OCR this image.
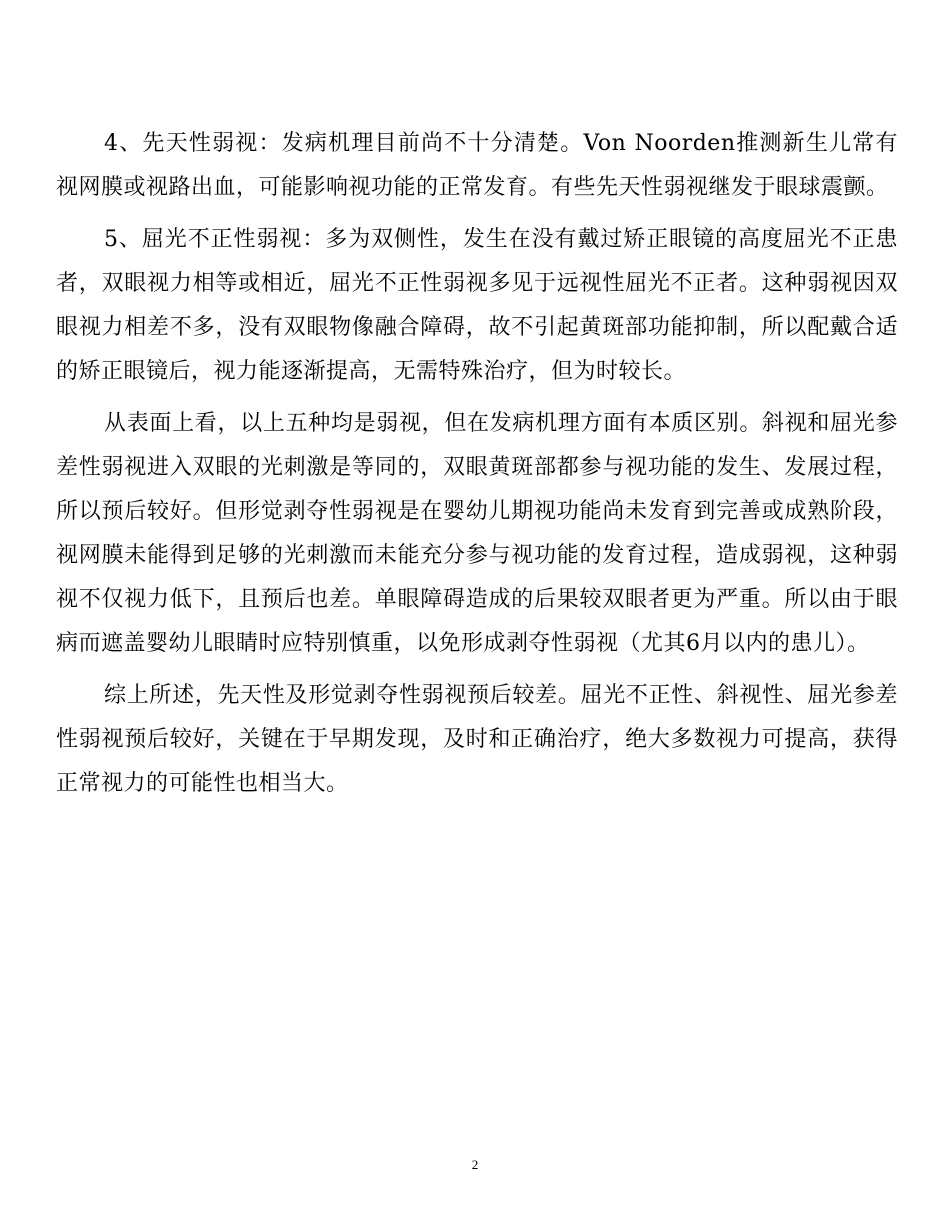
4、先天性弱视：发病机理目前尚不十分清楚。Von Noorden推测新生儿常有视网膜或视路出血，可能影响视功能的正常发育。有些先天性弱视继发于眼球震颤。

5、屈光不正性弱视：多为双侧性，发生在没有戴过矫正眼镜的高度屈光不正患者，双眼视力相等或相近，屈光不正性弱视多见于远视性屈光不正者。这种弱视因双眼视力相差不多，没有双眼物像融合障碍，故不引起黄斑部功能抑制，所以配戴合适的矫正眼镜后，视力能逐渐提高，无需特殊治疗，但为时较长。

从表面上看，以上五种均是弱视，但在发病机理方面有本质区别。斜视和屈光参差性弱视进入双眼的光刺激是等同的，双眼黄斑部都参与视功能的发生、发展过程，所以预后较好。但形觉剥夺性弱视是在婴幼儿期视功能尚未发育到完善或成熟阶段，视网膜未能得到足够的光刺激而未能充分参与视功能的发育过程，造成弱视，这种弱视不仅视力低下，且预后也差。单眼障碍造成的后果较双眼者更为严重。所以由于眼病而遮盖婴幼儿眼睛时应特别慎重，以免形成剥夺性弱视（尤其6月以内的患儿）。

综上所述，先天性及形觉剥夺性弱视预后较差。屈光不正性、斜视性、屈光参差性弱视预后较好，关键在于早期发现，及时和正确治疗，绝大多数视力可提高，获得正常视力的可能性也相当大。

2
